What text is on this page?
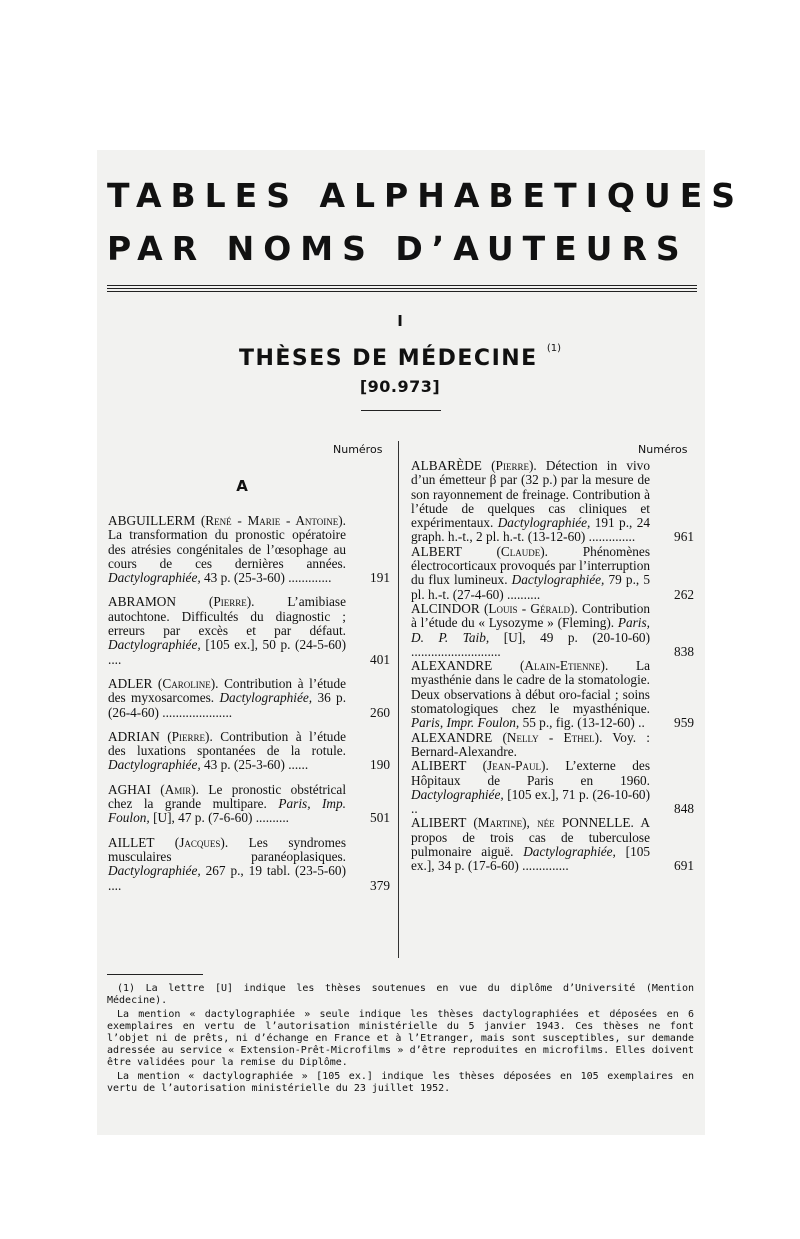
TABLES ALPHABETIQUES
PAR NOMS D’AUTEURS
I
THÈSES DE MÉDECINE $^{(1)}$
[90.973]
Numéros	Numéros
A
ABGUILLERM (René - Marie - Antoine). La transformation du pronostic opératoire des atrésies congénitales de l’œsophage au cours de ces dernières années. Dactylographiée, 43 p. (25-3-60) .............	191
ABRAMON (Pierre). L’amibiase autochtone. Difficultés du diagnostic ; erreurs par excès et par défaut. Dactylographiée, [105 ex.], 50 p. (24-5-60) ....	401
ADLER (Caroline). Contribution à l’étude des myxosarcomes. Dactylographiée, 36 p. (26-4-60) .....................	260
ADRIAN (Pierre). Contribution à l’étude des luxations spontanées de la rotule. Dactylographiée, 43 p. (25-3-60) ......	190
AGHAI (Amir). Le pronostic obstétrical chez la grande multipare. Paris, Imp. Foulon, [U], 47 p. (7-6-60) ..........	501
AILLET (Jacques). Les syndromes musculaires paranéoplasiques. Dactylographiée, 267 p., 19 tabl. (23-5-60) ....	379
ALBARÈDE (Pierre). Détection in vivo d’un émetteur β par (32 p.) par la mesure de son rayonnement de freinage. Contribution à l’étude de quelques cas cliniques et expérimentaux. Dactylographiée, 191 p., 24 graph. h.-t., 2 pl. h.-t. (13-12-60) ..............	961
ALBERT	(Claude).	Phénomènes électrocorticaux provoqués par l’interruption du flux lumineux. Dactylographiée, 79 p., 5 pl. h.-t. (27-4-60) ..........	262
ALCINDOR (Louis - Gérald). Contribution à l’étude du « Lysozyme » (Fleming). Paris, D. P. Taib, [U], 49 p. (20-10-60) ...........................	838
ALEXANDRE (Alain-Etienne). La myasthénie dans le cadre de la stomatologie. Deux observations à début oro-facial ; soins stomatologiques chez le myasthénique. Paris, Impr. Foulon, 55 p., fig. (13-12-60) ..	959
ALEXANDRE (Nelly - Ethel). Voy. : Bernard-Alexandre.
ALIBERT (Jean-Paul). L’externe des Hôpitaux de Paris en 1960. Dactylographiée, [105 ex.], 71 p. (26-10-60) ..	848
ALIBERT (Martine), née PONNELLE. A propos de trois cas de tuberculose pulmonaire aiguë. Dactylographiée, [105 ex.], 34 p. (17-6-60) ..............	691

(1) La lettre [U] indique les thèses soutenues en vue du diplôme d’Université (Mention Médecine).

La mention « dactylographiée » seule indique les thèses dactylographiées et déposées en 6 exemplaires en vertu de l’autorisation ministérielle du 5 janvier 1943. Ces thèses ne font l’objet ni de prêts, ni d’échange en France et à l’Etranger, mais sont susceptibles, sur demande adressée au service « Extension-Prêt-Microfilms » d’être reproduites en microfilms. Elles doivent être validées pour la remise du Diplôme.

La mention « dactylographiée » [105 ex.] indique les thèses déposées en 105 exemplaires en vertu de l’autorisation ministérielle du 23 juillet 1952.
